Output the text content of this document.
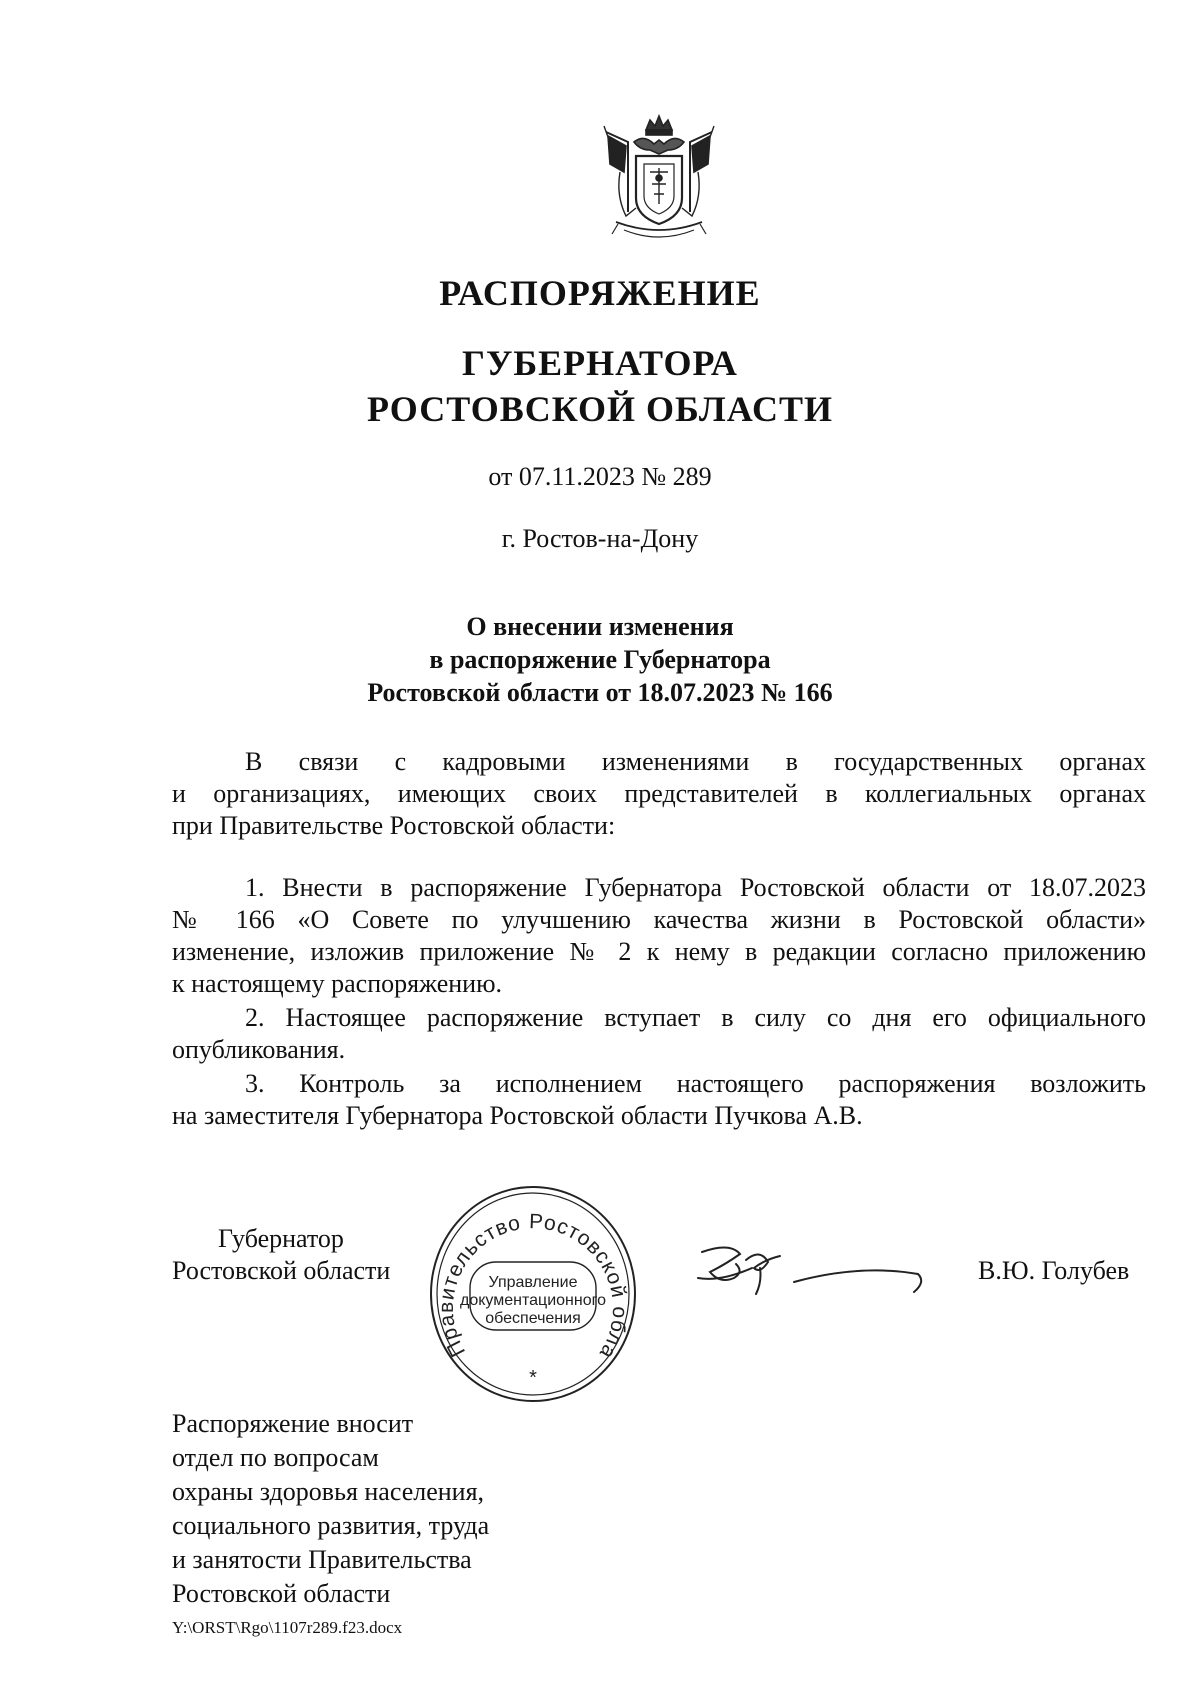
РАСПОРЯЖЕНИЕ
ГУБЕРНАТОРА
РОСТОВСКОЙ ОБЛАСТИ
от 07.11.2023 № 289
г. Ростов-на-Дону
О внесении изменения
в распоряжение Губернатора
Ростовской области от 18.07.2023 № 166
В связи с кадровыми изменениями в государственных органах
и организациях, имеющих своих представителей в коллегиальных органах
при Правительстве Ростовской области:
1. Внести в распоряжение Губернатора Ростовской области от 18.07.2023
№ 166 «О Совете по улучшению качества жизни в Ростовской области»
изменение, изложив приложение № 2 к нему в редакции согласно приложению
к настоящему распоряжению.
2. Настоящее распоряжение вступает в силу со дня его официального
опубликования.
3. Контроль за исполнением настоящего распоряжения возложить
на заместителя Губернатора Ростовской области Пучкова А.В.
Губернатор
Ростовской области	В.Ю. Голубев
Правительство Ростовской области
Управление
документационного
обеспечения
*
Распоряжение вносит
отдел по вопросам
охраны здоровья населения,
социального развития, труда
и занятости Правительства
Ростовской области
Y:\ORST\Rgo\1107r289.f23.docx
